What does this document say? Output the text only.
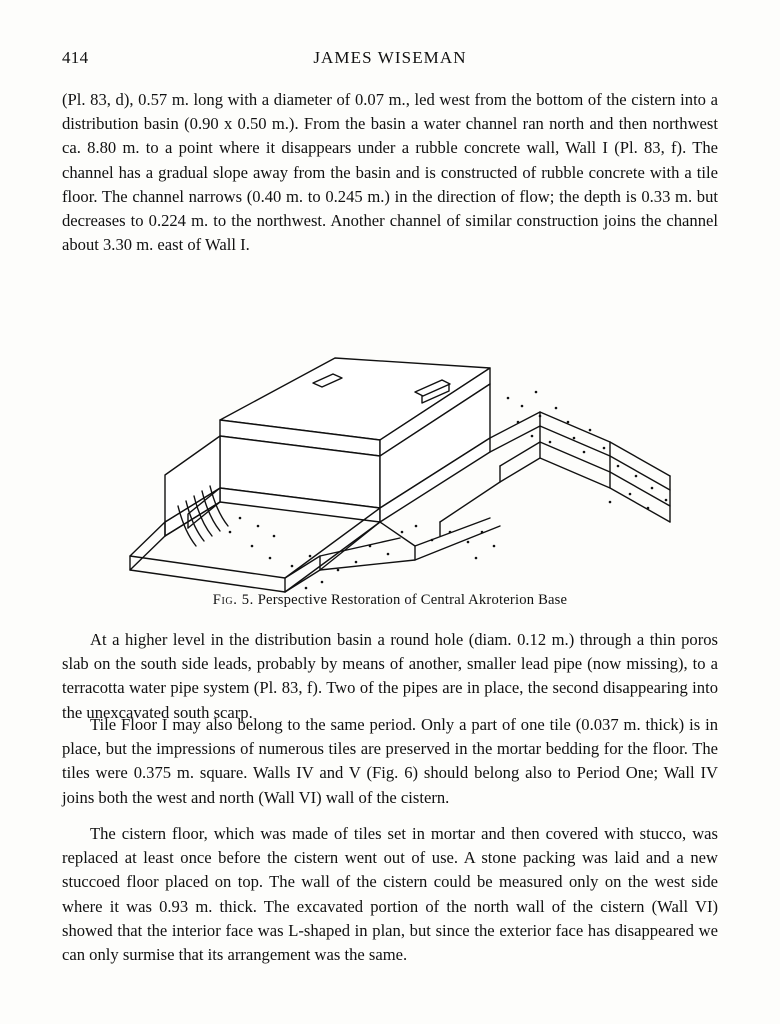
414	JAMES WISEMAN
(Pl. 83, d), 0.57 m. long with a diameter of 0.07 m., led west from the bottom of the cistern into a distribution basin (0.90 x 0.50 m.). From the basin a water channel ran north and then northwest ca. 8.80 m. to a point where it disappears under a rubble concrete wall, Wall I (Pl. 83, f). The channel has a gradual slope away from the basin and is constructed of rubble concrete with a tile floor. The channel narrows (0.40 m. to 0.245 m.) in the direction of flow; the depth is 0.33 m. but decreases to 0.224 m. to the northwest. Another channel of similar construction joins the channel about 3.30 m. east of Wall I.
Fig. 5. Perspective Restoration of Central Akroterion Base
At a higher level in the distribution basin a round hole (diam. 0.12 m.) through a thin poros slab on the south side leads, probably by means of another, smaller lead pipe (now missing), to a terracotta water pipe system (Pl. 83, f). Two of the pipes are in place, the second disappearing into the unexcavated south scarp.
Tile Floor I may also belong to the same period. Only a part of one tile (0.037 m. thick) is in place, but the impressions of numerous tiles are preserved in the mortar bedding for the floor. The tiles were 0.375 m. square. Walls IV and V (Fig. 6) should belong also to Period One; Wall IV joins both the west and north (Wall VI) wall of the cistern.
The cistern floor, which was made of tiles set in mortar and then covered with stucco, was replaced at least once before the cistern went out of use. A stone packing was laid and a new stuccoed floor placed on top. The wall of the cistern could be measured only on the west side where it was 0.93 m. thick. The excavated portion of the north wall of the cistern (Wall VI) showed that the interior face was L-shaped in plan, but since the exterior face has disappeared we can only surmise that its arrangement was the same.
